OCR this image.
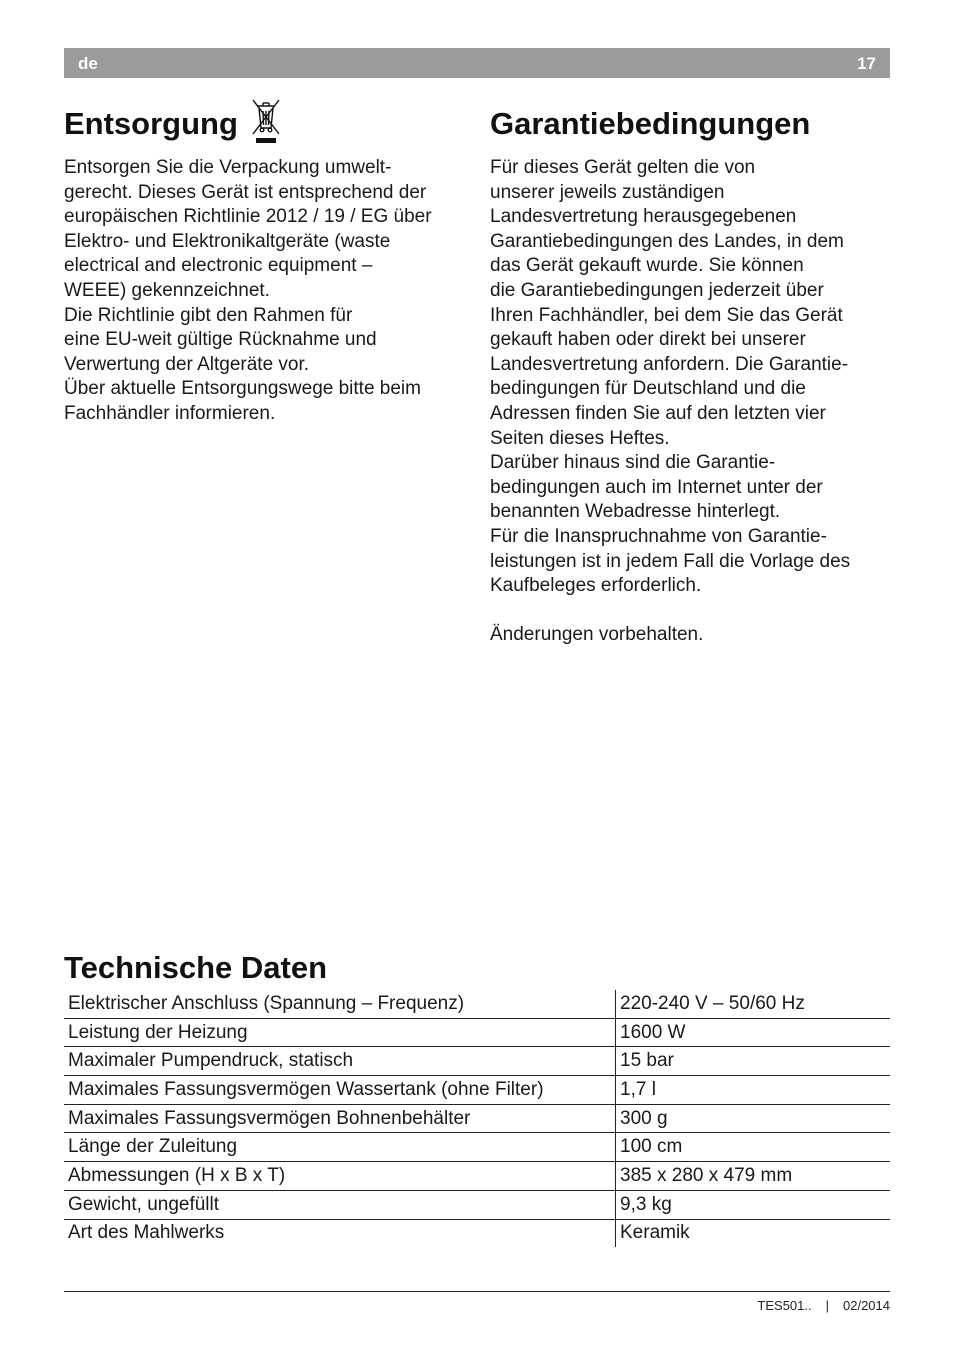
de	17
Entsorgung

Entsorgen Sie die Verpackung umwelt-
gerecht. Dieses Gerät ist entsprechend der
europäischen Richtlinie 2012 / 19 / EG über
Elektro- und Elektronikaltgeräte (waste
electrical and electronic equipment –
WEEE) gekennzeichnet.
Die Richtlinie gibt den Rahmen für
eine EU-weit gültige Rücknahme und
Verwertung der Altgeräte vor.
Über aktuelle Entsorgungswege bitte beim
Fachhändler informieren.

Garantiebedingungen

Für dieses Gerät gelten die von
unserer jeweils zuständigen
Landesvertretung herausgegebenen
Garantiebedingungen des Landes, in dem
das Gerät gekauft wurde. Sie können
die Garantiebedingungen jederzeit über
Ihren Fachhändler, bei dem Sie das Gerät
gekauft haben oder direkt bei unserer
Landesvertretung anfordern. Die Garantie-
bedingungen für Deutschland und die
Adressen finden Sie auf den letzten vier
Seiten dieses Heftes.
Darüber hinaus sind die Garantie-
bedingungen auch im Internet unter der
benannten Webadresse hinterlegt.
Für die Inanspruchnahme von Garantie-
leistungen ist in jedem Fall die Vorlage des
Kaufbeleges erforderlich.
Änderungen vorbehalten.

Technische Daten
Elektrischer Anschluss (Spannung – Frequenz)	220-240 V – 50/60 Hz
Leistung der Heizung	1600 W
Maximaler Pumpendruck, statisch	15 bar
Maximales Fassungsvermögen Wassertank (ohne Filter)	1,7 l
Maximales Fassungsvermögen Bohnenbehälter	300 g
Länge der Zuleitung	100 cm
Abmessungen (H x B x T)	385 x 280 x 479 mm
Gewicht, ungefüllt	9,3 kg
Art des Mahlwerks	Keramik
TES501.. | 02/2014
